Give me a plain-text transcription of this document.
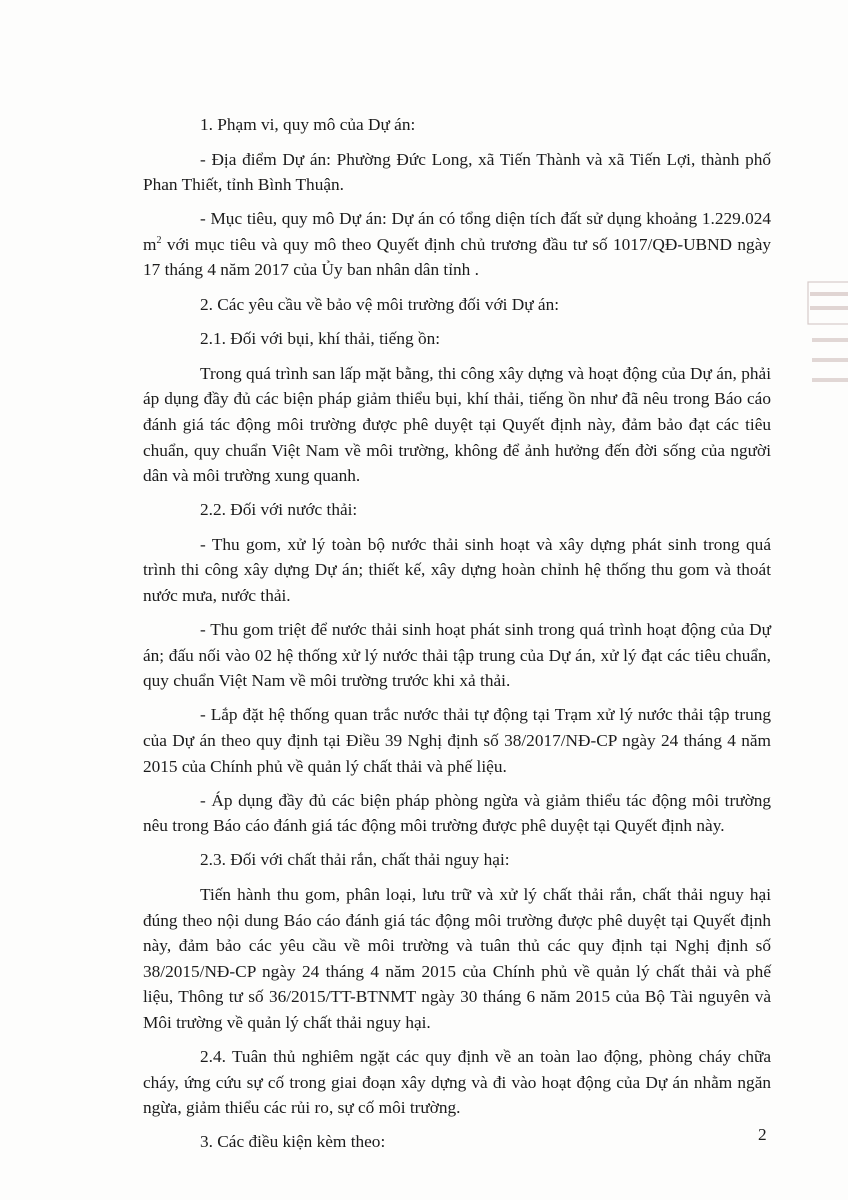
1. Phạm vi, quy mô của Dự án:

- Địa điểm Dự án: Phường Đức Long, xã Tiến Thành và xã Tiến Lợi, thành phố Phan Thiết, tỉnh Bình Thuận.

- Mục tiêu, quy mô Dự án: Dự án có tổng diện tích đất sử dụng khoảng 1.229.024 $m^2$ với mục tiêu và quy mô theo Quyết định chủ trương đầu tư số 1017/QĐ-UBND ngày 17 tháng 4 năm 2017 của Ủy ban nhân dân tỉnh .

2. Các yêu cầu về bảo vệ môi trường đối với Dự án:

2.1. Đối với bụi, khí thải, tiếng ồn:

Trong quá trình san lấp mặt bằng, thi công xây dựng và hoạt động của Dự án, phải áp dụng đầy đủ các biện pháp giảm thiểu bụi, khí thải, tiếng ồn như đã nêu trong Báo cáo đánh giá tác động môi trường được phê duyệt tại Quyết định này, đảm bảo đạt các tiêu chuẩn, quy chuẩn Việt Nam về môi trường, không để ảnh hưởng đến đời sống của người dân và môi trường xung quanh.

2.2. Đối với nước thải:

- Thu gom, xử lý toàn bộ nước thải sinh hoạt và xây dựng phát sinh trong quá trình thi công xây dựng Dự án; thiết kế, xây dựng hoàn chỉnh hệ thống thu gom và thoát nước mưa, nước thải.

- Thu gom triệt để nước thải sinh hoạt phát sinh trong quá trình hoạt động của Dự án; đấu nối vào 02 hệ thống xử lý nước thải tập trung của Dự án, xử lý đạt các tiêu chuẩn, quy chuẩn Việt Nam về môi trường trước khi xả thải.

- Lắp đặt hệ thống quan trắc nước thải tự động tại Trạm xử lý nước thải tập trung của Dự án theo quy định tại Điều 39 Nghị định số 38/2017/NĐ-CP ngày 24 tháng 4 năm 2015 của Chính phủ về quản lý chất thải và phế liệu.

- Áp dụng đầy đủ các biện pháp phòng ngừa và giảm thiểu tác động môi trường nêu trong Báo cáo đánh giá tác động môi trường được phê duyệt tại Quyết định này.

2.3. Đối với chất thải rắn, chất thải nguy hại:

Tiến hành thu gom, phân loại, lưu trữ và xử lý chất thải rắn, chất thải nguy hại đúng theo nội dung Báo cáo đánh giá tác động môi trường được phê duyệt tại Quyết định này, đảm bảo các yêu cầu về môi trường và tuân thủ các quy định tại Nghị định số 38/2015/NĐ-CP ngày 24 tháng 4 năm 2015 của Chính phủ về quản lý chất thải và phế liệu, Thông tư số 36/2015/TT-BTNMT ngày 30 tháng 6 năm 2015 của Bộ Tài nguyên và Môi trường về quản lý chất thải nguy hại.

2.4. Tuân thủ nghiêm ngặt các quy định về an toàn lao động, phòng cháy chữa cháy, ứng cứu sự cố trong giai đoạn xây dựng và đi vào hoạt động của Dự án nhằm ngăn ngừa, giảm thiểu các rủi ro, sự cố môi trường.

3. Các điều kiện kèm theo:	2
